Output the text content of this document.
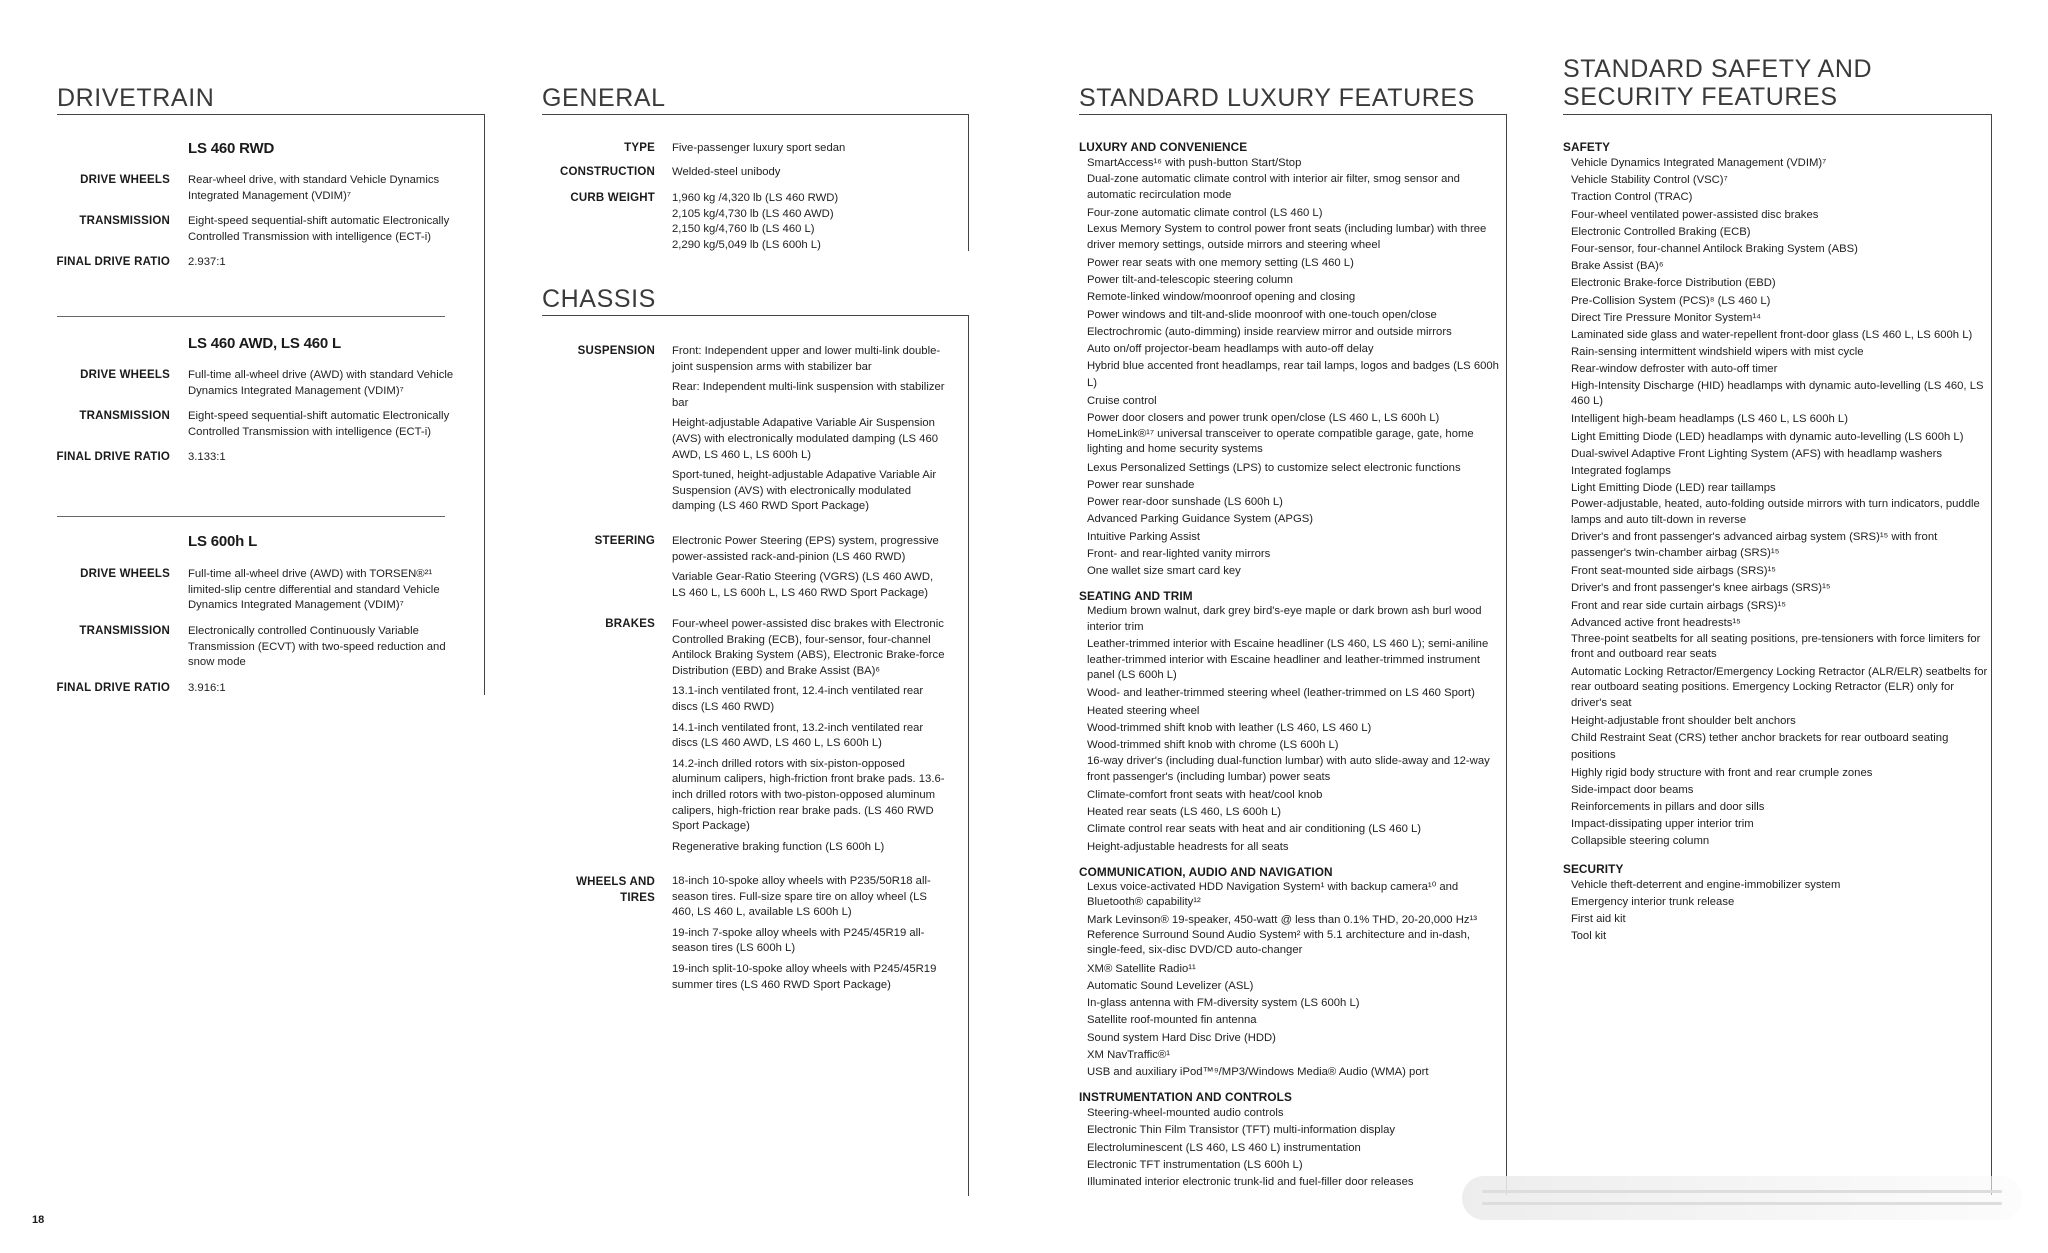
DRIVETRAIN
LS 460 RWD
DRIVE WHEELS Rear-wheel drive, with standard Vehicle Dynamics Integrated Management (VDIM)⁷
TRANSMISSION Eight-speed sequential-shift automatic Electronically Controlled Transmission with intelligence (ECT-i)
FINAL DRIVE RATIO 2.937:1
LS 460 AWD, LS 460 L
DRIVE WHEELS Full-time all-wheel drive (AWD) with standard Vehicle Dynamics Integrated Management (VDIM)⁷
TRANSMISSION Eight-speed sequential-shift automatic Electronically Controlled Transmission with intelligence (ECT-i)
FINAL DRIVE RATIO 3.133:1
LS 600h L
DRIVE WHEELS Full-time all-wheel drive (AWD) with TORSEN®²¹ limited-slip centre differential and standard Vehicle Dynamics Integrated Management (VDIM)⁷
TRANSMISSION Electronically controlled Continuously Variable Transmission (ECVT) with two-speed reduction and snow mode
FINAL DRIVE RATIO 3.916:1
GENERAL
TYPE Five-passenger luxury sport sedan
CONSTRUCTION Welded-steel unibody
CURB WEIGHT 1,960 kg /4,320 lb (LS 460 RWD)
2,105 kg/4,730 lb (LS 460 AWD)
2,150 kg/4,760 lb (LS 460 L)
2,290 kg/5,049 lb (LS 600h L)
CHASSIS
SUSPENSION Front: Independent upper and lower multi-link double-joint suspension arms with stabilizer bar
Rear: Independent multi-link suspension with stabilizer bar
Height-adjustable Adapative Variable Air Suspension (AVS) with electronically modulated damping (LS 460 AWD, LS 460 L, LS 600h L)
Sport-tuned, height-adjustable Adapative Variable Air Suspension (AVS) with electronically modulated damping (LS 460 RWD Sport Package)
STEERING Electronic Power Steering (EPS) system, progressive power-assisted rack-and-pinion (LS 460 RWD)
Variable Gear-Ratio Steering (VGRS) (LS 460 AWD, LS 460 L, LS 600h L, LS 460 RWD Sport Package)
BRAKES Four-wheel power-assisted disc brakes with Electronic Controlled Braking (ECB), four-sensor, four-channel Antilock Braking System (ABS), Electronic Brake-force Distribution (EBD) and Brake Assist (BA)⁶
13.1-inch ventilated front, 12.4-inch ventilated rear discs (LS 460 RWD)
14.1-inch ventilated front, 13.2-inch ventilated rear discs (LS 460 AWD, LS 460 L, LS 600h L)
14.2-inch drilled rotors with six-piston-opposed aluminum calipers, high-friction front brake pads. 13.6-inch drilled rotors with two-piston-opposed aluminum calipers, high-friction rear brake pads. (LS 460 RWD Sport Package)
Regenerative braking function (LS 600h L)
WHEELS AND
TIRES
18-inch 10-spoke alloy wheels with P235/50R18 all-season tires. Full-size spare tire on alloy wheel (LS 460, LS 460 L, available LS 600h L)
19-inch 7-spoke alloy wheels with P245/45R19 all-season tires (LS 600h L)
19-inch split-10-spoke alloy wheels with P245/45R19 summer tires (LS 460 RWD Sport Package)
STANDARD LUXURY FEATURES
LUXURY AND CONVENIENCE
SmartAccess¹⁶ with push-button Start/Stop
Dual-zone automatic climate control with interior air filter, smog sensor and automatic recirculation mode
Four-zone automatic climate control (LS 460 L)
Lexus Memory System to control power front seats (including lumbar) with three driver memory settings, outside mirrors and steering wheel
Power rear seats with one memory setting (LS 460 L)
Power tilt-and-telescopic steering column
Remote-linked window/moonroof opening and closing
Power windows and tilt-and-slide moonroof with one-touch open/close
Electrochromic (auto-dimming) inside rearview mirror and outside mirrors
Auto on/off projector-beam headlamps with auto-off delay
Hybrid blue accented front headlamps, rear tail lamps, logos and badges (LS 600h L)
Cruise control
Power door closers and power trunk open/close (LS 460 L, LS 600h L)
HomeLink®¹⁷ universal transceiver to operate compatible garage, gate, home lighting and home security systems
Lexus Personalized Settings (LPS) to customize select electronic functions
Power rear sunshade
Power rear-door sunshade (LS 600h L)
Advanced Parking Guidance System (APGS)
Intuitive Parking Assist
Front- and rear-lighted vanity mirrors
One wallet size smart card key
SEATING AND TRIM
Medium brown walnut, dark grey bird's-eye maple or dark brown ash burl wood interior trim
Leather-trimmed interior with Escaine headliner (LS 460, LS 460 L); semi-aniline leather-trimmed interior with Escaine headliner and leather-trimmed instrument panel (LS 600h L)
Wood- and leather-trimmed steering wheel (leather-trimmed on LS 460 Sport)
Heated steering wheel
Wood-trimmed shift knob with leather (LS 460, LS 460 L)
Wood-trimmed shift knob with chrome (LS 600h L)
16-way driver's (including dual-function lumbar) with auto slide-away and 12-way front passenger's (including lumbar) power seats
Climate-comfort front seats with heat/cool knob
Heated rear seats (LS 460, LS 600h L)
Climate control rear seats with heat and air conditioning (LS 460 L)
Height-adjustable headrests for all seats
COMMUNICATION, AUDIO AND NAVIGATION
Lexus voice-activated HDD Navigation System¹ with backup camera¹⁰ and Bluetooth® capability¹²
Mark Levinson® 19-speaker, 450-watt @ less than 0.1% THD, 20-20,000 Hz¹³ Reference Surround Sound Audio System² with 5.1 architecture and in-dash, single-feed, six-disc DVD/CD auto-changer
XM® Satellite Radio¹¹
Automatic Sound Levelizer (ASL)
In-glass antenna with FM-diversity system (LS 600h L)
Satellite roof-mounted fin antenna
Sound system Hard Disc Drive (HDD)
XM NavTraffic®¹
USB and auxiliary iPod™⁹/MP3/Windows Media® Audio (WMA) port
INSTRUMENTATION AND CONTROLS
Steering-wheel-mounted audio controls
Electronic Thin Film Transistor (TFT) multi-information display
Electroluminescent (LS 460, LS 460 L) instrumentation
Electronic TFT instrumentation (LS 600h L)
Illuminated interior electronic trunk-lid and fuel-filler door releases
STANDARD SAFETY AND
SECURITY FEATURES
SAFETY
Vehicle Dynamics Integrated Management (VDIM)⁷
Vehicle Stability Control (VSC)⁷
Traction Control (TRAC)
Four-wheel ventilated power-assisted disc brakes
Electronic Controlled Braking (ECB)
Four-sensor, four-channel Antilock Braking System (ABS)
Brake Assist (BA)⁶
Electronic Brake-force Distribution (EBD)
Pre-Collision System (PCS)⁸ (LS 460 L)
Direct Tire Pressure Monitor System¹⁴
Laminated side glass and water-repellent front-door glass (LS 460 L, LS 600h L)
Rain-sensing intermittent windshield wipers with mist cycle
Rear-window defroster with auto-off timer
High-Intensity Discharge (HID) headlamps with dynamic auto-levelling (LS 460, LS 460 L)
Intelligent high-beam headlamps (LS 460 L, LS 600h L)
Light Emitting Diode (LED) headlamps with dynamic auto-levelling (LS 600h L)
Dual-swivel Adaptive Front Lighting System (AFS) with headlamp washers
Integrated foglamps
Light Emitting Diode (LED) rear taillamps
Power-adjustable, heated, auto-folding outside mirrors with turn indicators, puddle lamps and auto tilt-down in reverse
Driver's and front passenger's advanced airbag system (SRS)¹⁵ with front passenger's twin-chamber airbag (SRS)¹⁵
Front seat-mounted side airbags (SRS)¹⁵
Driver's and front passenger's knee airbags (SRS)¹⁵
Front and rear side curtain airbags (SRS)¹⁵
Advanced active front headrests¹⁵
Three-point seatbelts for all seating positions, pre-tensioners with force limiters for front and outboard rear seats
Automatic Locking Retractor/Emergency Locking Retractor (ALR/ELR) seatbelts for rear outboard seating positions. Emergency Locking Retractor (ELR) only for driver's seat
Height-adjustable front shoulder belt anchors
Child Restraint Seat (CRS) tether anchor brackets for rear outboard seating positions
Highly rigid body structure with front and rear crumple zones
Side-impact door beams
Reinforcements in pillars and door sills
Impact-dissipating upper interior trim
Collapsible steering column
SECURITY
Vehicle theft-deterrent and engine-immobilizer system
Emergency interior trunk release
First aid kit
Tool kit
18
